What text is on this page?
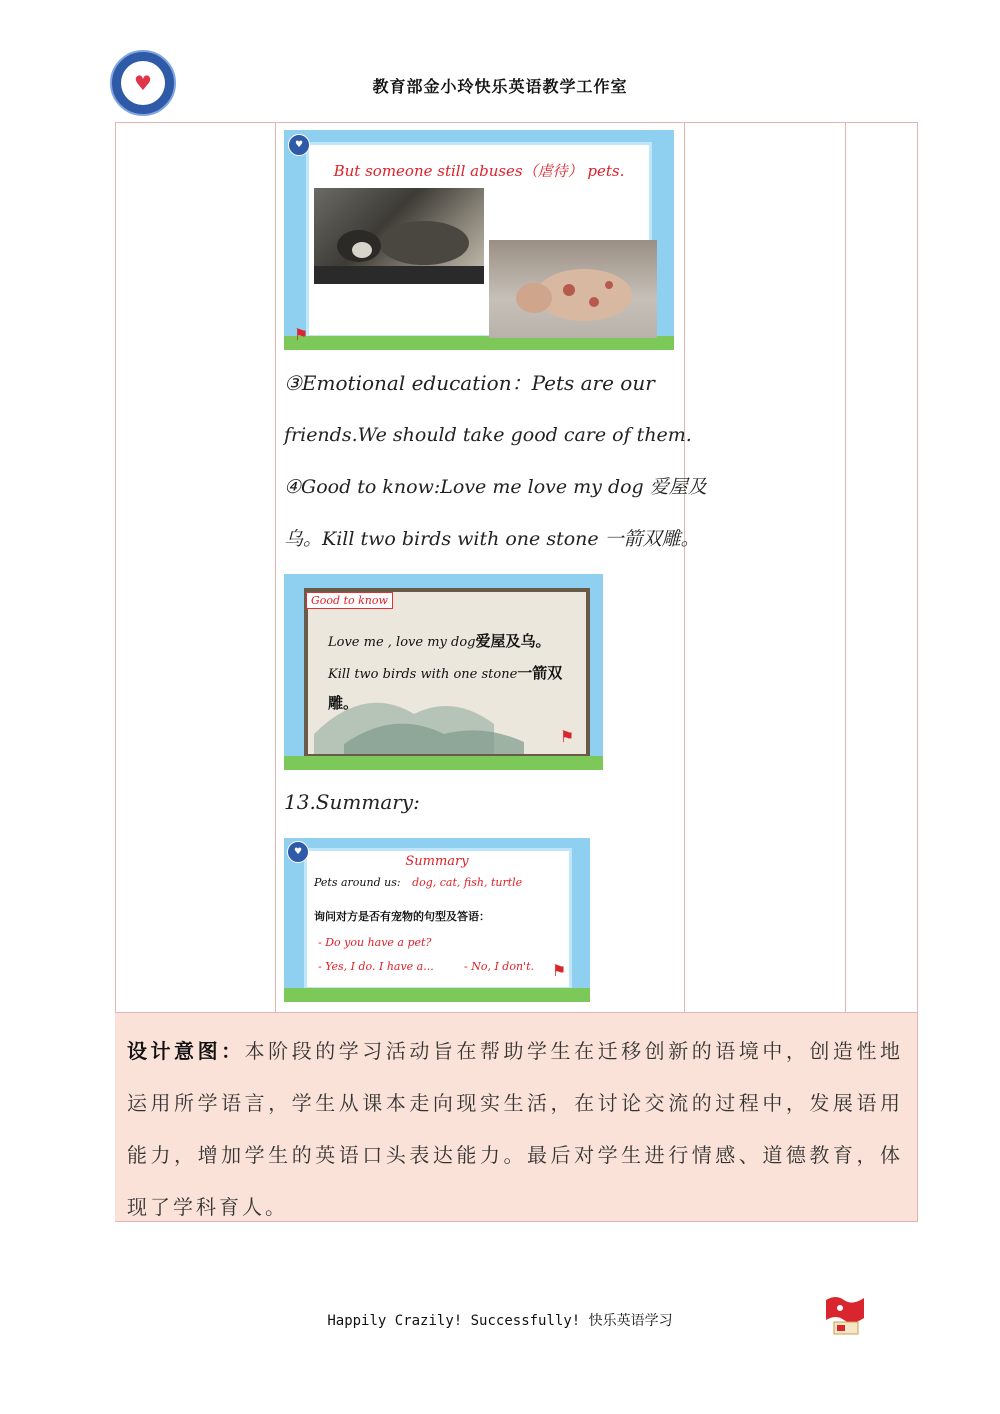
♥	教育部金小玲快乐英语教学工作室
♥
⚑
But someone still abuses（虐待） pets.
③Emotional education：Pets are our
friends.We should take good care of them.
④Good to know:Love me love my dog 爱屋及
乌。Kill two birds with one stone 一箭双雕。
Good to know
Love me , love my dog爱屋及乌。
Kill two birds with one stone一箭双
雕。
⚑
13.Summary:
♥
Summary
Pets around us: dog, cat, fish, turtle
询问对方是否有宠物的句型及答语：
- Do you have a pet?
- Yes, I do. I have a...	- No, I don't.	⚑

设计意图：本阶段的学习活动旨在帮助学生在迁移创新的语境中，创造性地运用所学语言，学生从课本走向现实生活，在讨论交流的过程中，发展语用能力，增加学生的英语口头表达能力。最后对学生进行情感、道德教育，体现了学科育人。

Happily Crazily! Successfully! 快乐英语学习
